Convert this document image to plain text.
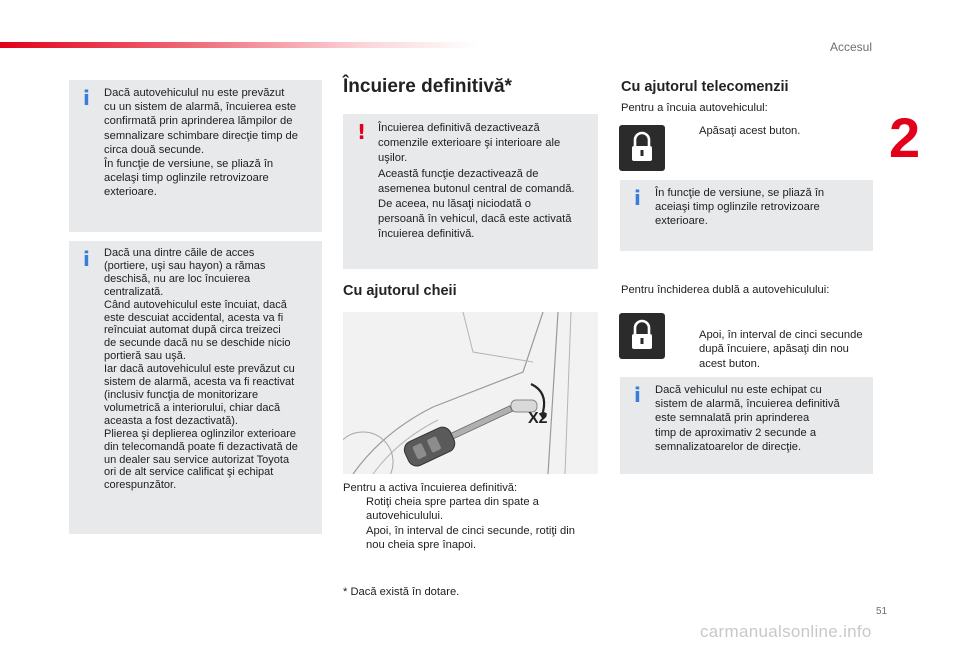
Accesul
2
i Dacă autovehiculul nu este prevăzut
cu un sistem de alarmă, încuierea este
confirmată prin aprinderea lămpilor de
semnalizare schimbare direcţie timp de
circa două secunde.
În funcţie de versiune, se pliază în
acelaşi timp oglinzile retrovizoare
exterioare.

i Dacă una dintre căile de acces
(portiere, uşi sau hayon) a rămas
deschisă, nu are loc încuierea
centralizată.
Când autovehiculul este încuiat, dacă
este descuiat accidental, acesta va fi
reîncuiat automat după circa treizeci
de secunde dacă nu se deschide nicio
portieră sau uşă.
Iar dacă autovehiculul este prevăzut cu
sistem de alarmă, acesta va fi reactivat
(inclusiv funcţia de monitorizare
volumetrică a interiorului, chiar dacă
aceasta a fost dezactivată).
Plierea şi deplierea oglinzilor exterioare
din telecomandă poate fi dezactivată de
un dealer sau service autorizat Toyota
ori de alt service calificat şi echipat
corespunzător.

Încuiere definitivă*
! Încuierea definitivă dezactivează
comenzile exterioare şi interioare ale
uşilor.
Această funcţie dezactivează de
asemenea butonul central de comandă.
De aceea, nu lăsaţi niciodată o
persoană în vehicul, dacă este activată
încuierea definitivă.

Cu ajutorul cheii
X2
Pentru a activa încuierea definitivă:
Rotiţi cheia spre partea din spate a
autovehiculului.
Apoi, în interval de cinci secunde, rotiţi din
nou cheia spre înapoi.
* Dacă există în dotare.
Cu ajutorul telecomenzii
Pentru a încuia autovehiculul:
Apăsaţi acest buton.
i În funcţie de versiune, se pliază în
aceiaşi timp oglinzile retrovizoare
exterioare.

Pentru închiderea dublă a autovehiculului:
Apoi, în interval de cinci secunde
după încuiere, apăsaţi din nou
acest buton.
i Dacă vehiculul nu este echipat cu
sistem de alarmă, încuierea definitivă
este semnalată prin aprinderea
timp de aproximativ 2 secunde a
semnalizatoarelor de direcţie.

51
carmanualsonline.info
